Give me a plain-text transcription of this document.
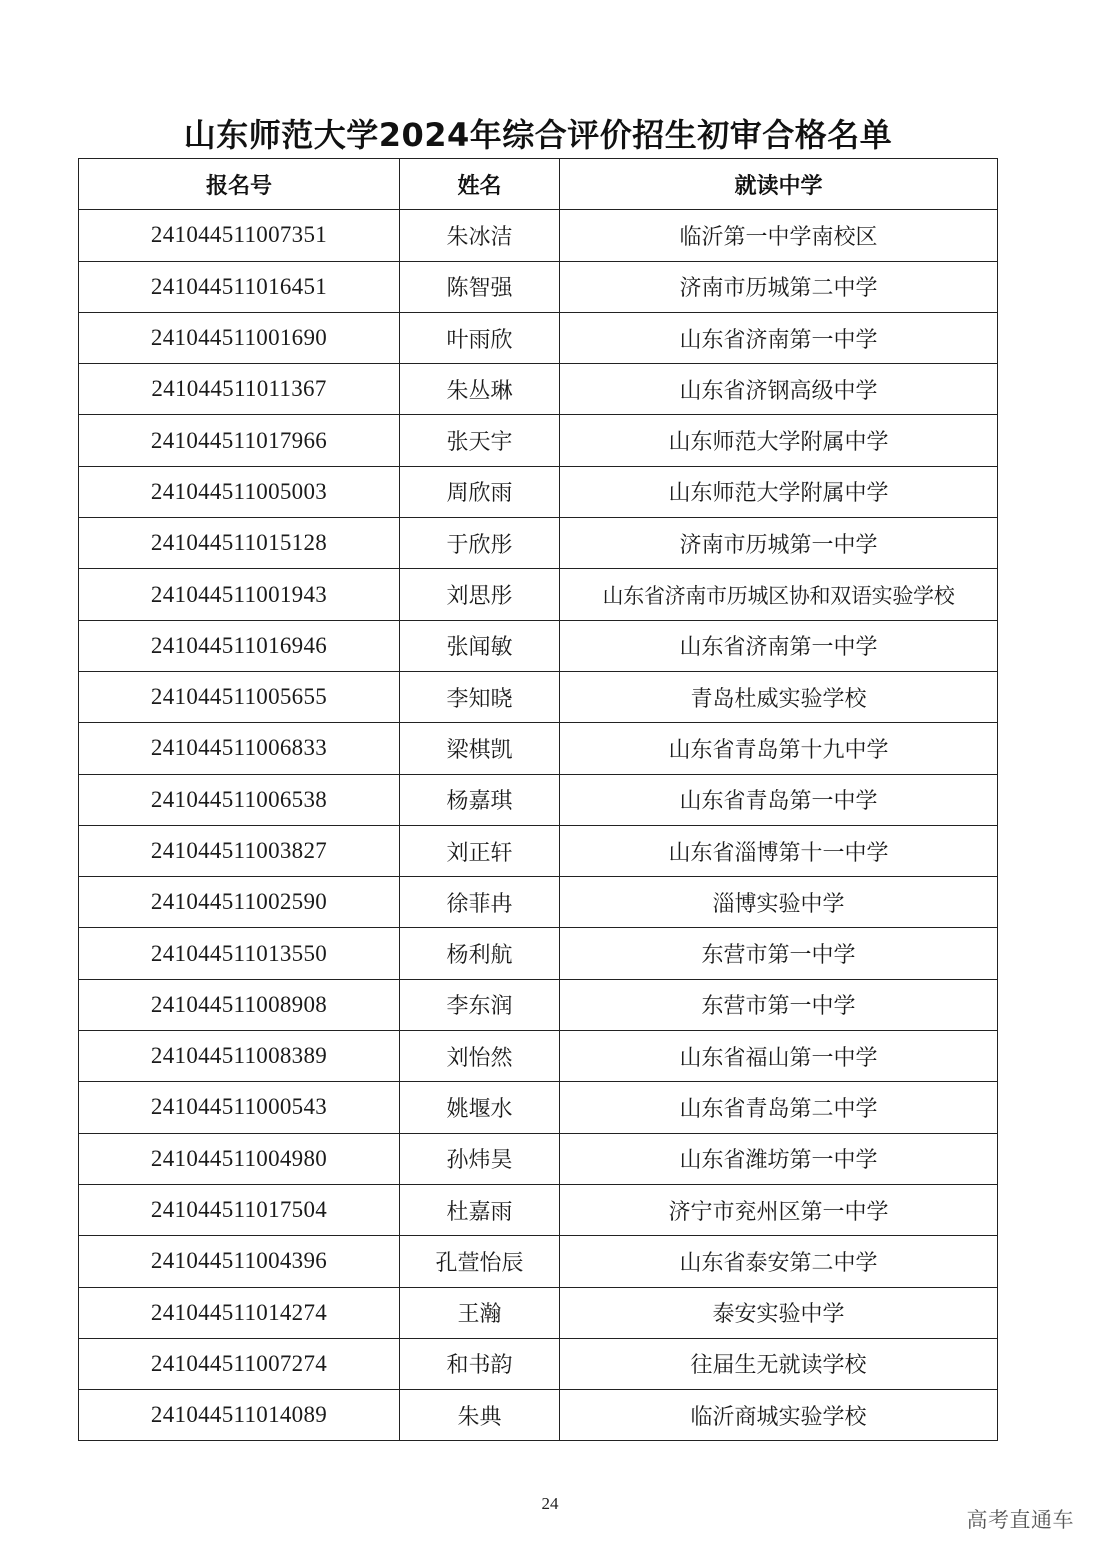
山东师范大学2024年综合评价招生初审合格名单
报名号	姓名	就读中学
241044511007351	朱冰洁	临沂第一中学南校区
241044511016451	陈智强	济南市历城第二中学
241044511001690	叶雨欣	山东省济南第一中学
241044511011367	朱丛琳	山东省济钢高级中学
241044511017966	张天宇	山东师范大学附属中学
241044511005003	周欣雨	山东师范大学附属中学
241044511015128	于欣彤	济南市历城第一中学
241044511001943	刘思彤	山东省济南市历城区协和双语实验学校
241044511016946	张闻敏	山东省济南第一中学
241044511005655	李知晓	青岛杜威实验学校
241044511006833	梁棋凯	山东省青岛第十九中学
241044511006538	杨嘉琪	山东省青岛第一中学
241044511003827	刘正轩	山东省淄博第十一中学
241044511002590	徐菲冉	淄博实验中学
241044511013550	杨利航	东营市第一中学
241044511008908	李东润	东营市第一中学
241044511008389	刘怡然	山东省福山第一中学
241044511000543	姚堰水	山东省青岛第二中学
241044511004980	孙炜昊	山东省潍坊第一中学
241044511017504	杜嘉雨	济宁市兖州区第一中学
241044511004396	孔萱怡辰	山东省泰安第二中学
241044511014274	王瀚	泰安实验中学
241044511007274	和书韵	往届生无就读学校
241044511014089	朱典	临沂商城实验学校
24
高考直通车
